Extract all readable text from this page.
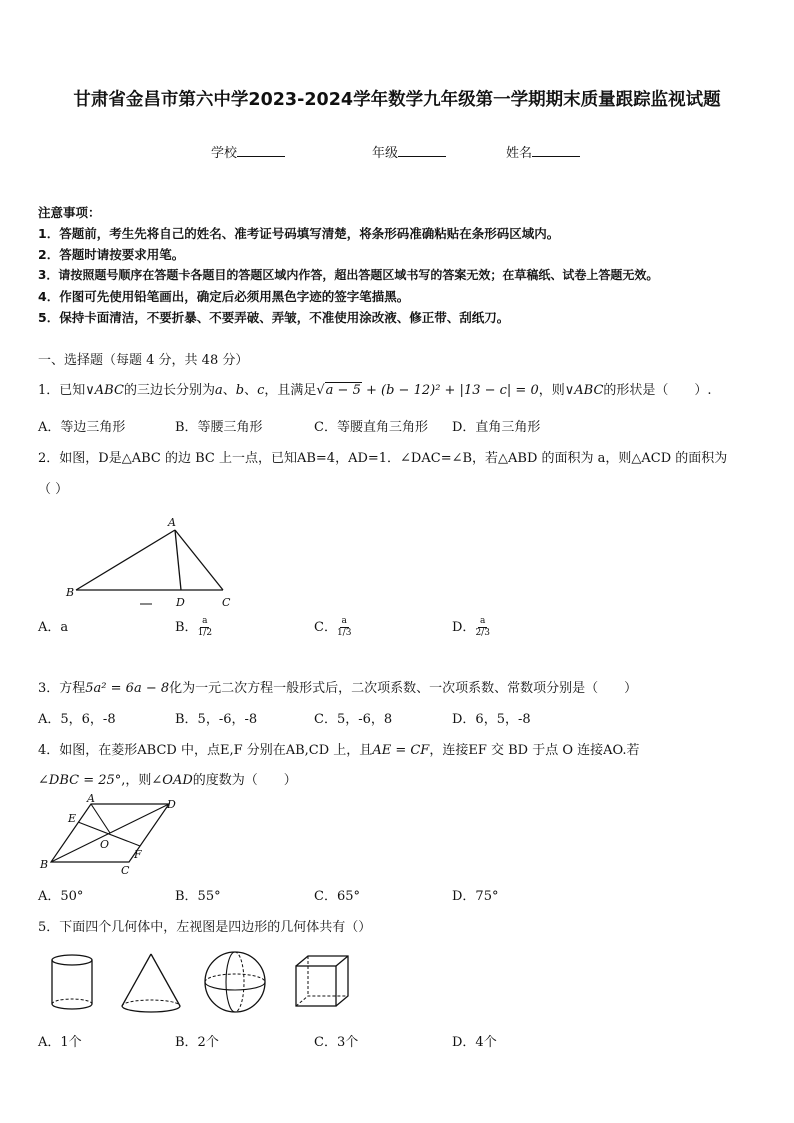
甘肃省金昌市第六中学2023-2024学年数学九年级第一学期期末质量跟踪监视试题
学校	年级	姓名
注意事项：
1．答题前，考生先将自己的姓名、准考证号码填写清楚，将条形码准确粘贴在条形码区域内。
2．答题时请按要求用笔。
3．请按照题号顺序在答题卡各题目的答题区域内作答，超出答题区域书写的答案无效；在草稿纸、试卷上答题无效。
4．作图可先使用铅笔画出，确定后必须用黑色字迹的签字笔描黑。
5．保持卡面清洁，不要折暴、不要弄破、弄皱，不准使用涂改液、修正带、刮纸刀。
一、选择题（每题 4 分，共 48 分）
1．已知∨ABC的三边长分别为a、b、c，且满足√a − 5 + (b − 12)² + |13 − c| = 0，则∨ABC的形状是（　　）.
A．等边三角形	B．等腰三角形	C．等腰直角三角形 D．直角三角形
2．如图，D是△ABC 的边 BC 上一点，已知AB=4，AD=1．∠DAC=∠B，若△ABD 的面积为 a，则△ACD 的面积为
（ ）
A
B
D	C
A．a	B． $\frac{a}{1/2}$	C． $\frac{a}{1/3}$	D． $\frac{a}{2/3}$
3．方程5a² = 6a − 8化为一元二次方程一般形式后，二次项系数、一次项系数、常数项分别是（　　）
A．5，6，-8	B．5，-6，-8	C．5，-6，8	D．6，5，-8
4．如图，在菱形ABCD 中，点E,F 分别在AB,CD 上，且AE = CF，连接EF 交 BD 于点 O 连接AO.若
∠DBC = 25°,，则∠OAD的度数为（　　）
A	D
E
O
F
B	C
A．50°	B．55°	C．65°	D．75°
5．下面四个几何体中，左视图是四边形的几何体共有（）
A．1个	B．2个	C．3个	D．4个
